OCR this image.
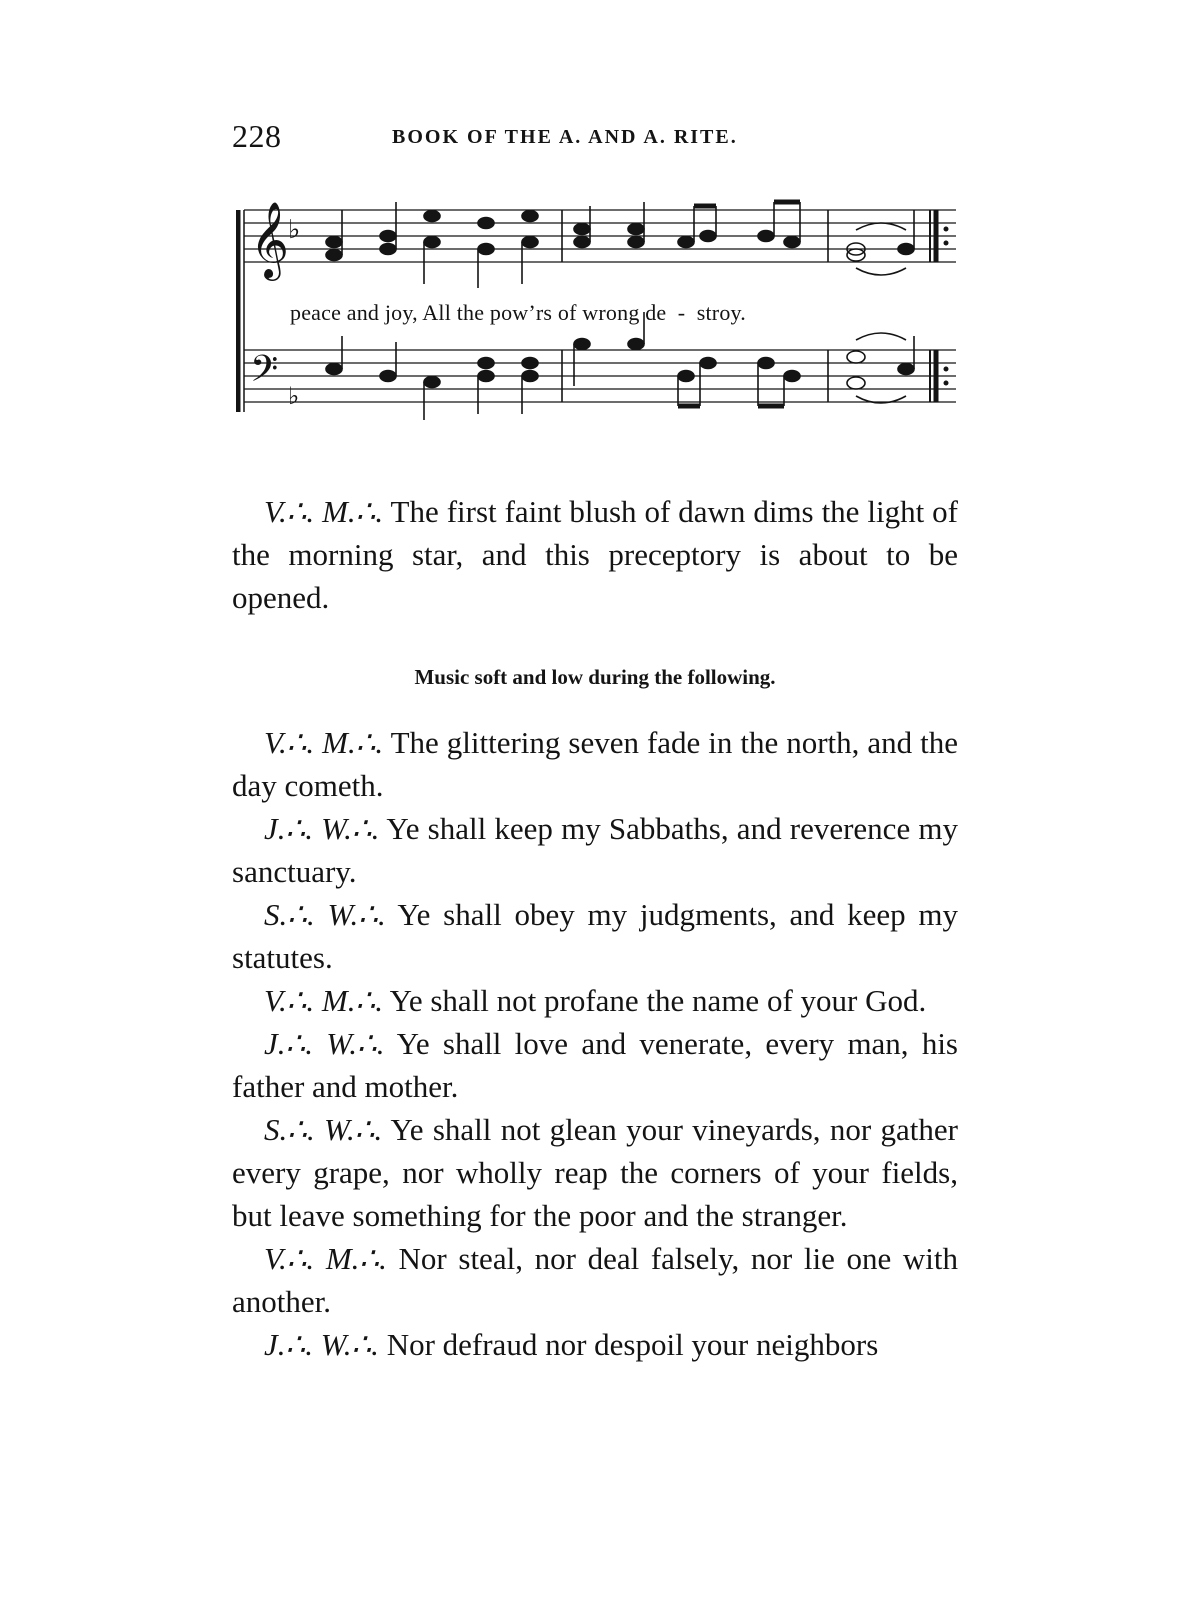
228	BOOK OF THE A. AND A. RITE.
𝄞
♭
𝄢 ♭
peace and joy, All the pow’rs of wrong de  -  stroy.

V.∴. M.∴. The first faint blush of dawn dims the light of the morning star, and this preceptory is about to be opened.

Music soft and low during the following.

V.∴. M.∴. The glittering seven fade in the north, and the day cometh.

J.∴. W.∴. Ye shall keep my Sabbaths, and reverence my sanctuary.

S.∴. W.∴. Ye shall obey my judgments, and keep my statutes.

V.∴. M.∴. Ye shall not profane the name of your God.

J.∴. W.∴. Ye shall love and venerate, every man, his father and mother.

S.∴. W.∴. Ye shall not glean your vineyards, nor gather every grape, nor wholly reap the corners of your fields, but leave something for the poor and the stranger.

V.∴. M.∴. Nor steal, nor deal falsely, nor lie one with another.

J.∴. W.∴. Nor defraud nor despoil your neighbors
